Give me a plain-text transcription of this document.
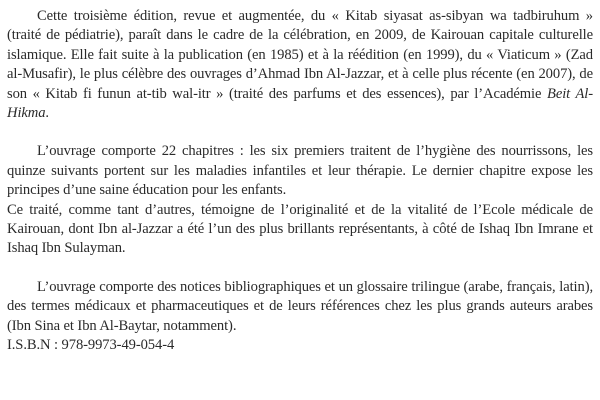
Cette troisième édition, revue et augmentée, du « Kitab siyasat as-sibyan wa tadbiruhum » (traité de pédiatrie), paraît dans le cadre de la célébration, en 2009, de Kairouan capitale culturelle islamique. Elle fait suite à la publication (en 1985) et à la réédition (en 1999), du « Viaticum » (Zad al-Musafir), le plus célèbre des ouvrages d’Ahmad Ibn Al-Jazzar, et à celle plus récente (en 2007), de son « Kitab fi funun at-tib wal-itr » (traité des parfums et des essences), par l’Académie Beit Al-Hikma.

L’ouvrage comporte 22 chapitres : les six premiers traitent de l’hygiène des nourrissons, les quinze suivants portent sur les maladies infantiles et leur thérapie. Le dernier chapitre expose les principes d’une saine éducation pour les enfants.

Ce traité, comme tant d’autres, témoigne de l’originalité et de la vitalité de l’Ecole médicale de Kairouan, dont Ibn al-Jazzar a été l’un des plus brillants représentants, à côté de Ishaq Ibn Imrane et Ishaq Ibn Sulayman.

L’ouvrage comporte des notices bibliographiques et un glossaire trilingue (arabe, français, latin), des termes médicaux et pharmaceutiques et de leurs références chez les plus grands auteurs arabes (Ibn Sina et Ibn Al-Baytar, notamment).

I.S.B.N : 978-9973-49-054-4
